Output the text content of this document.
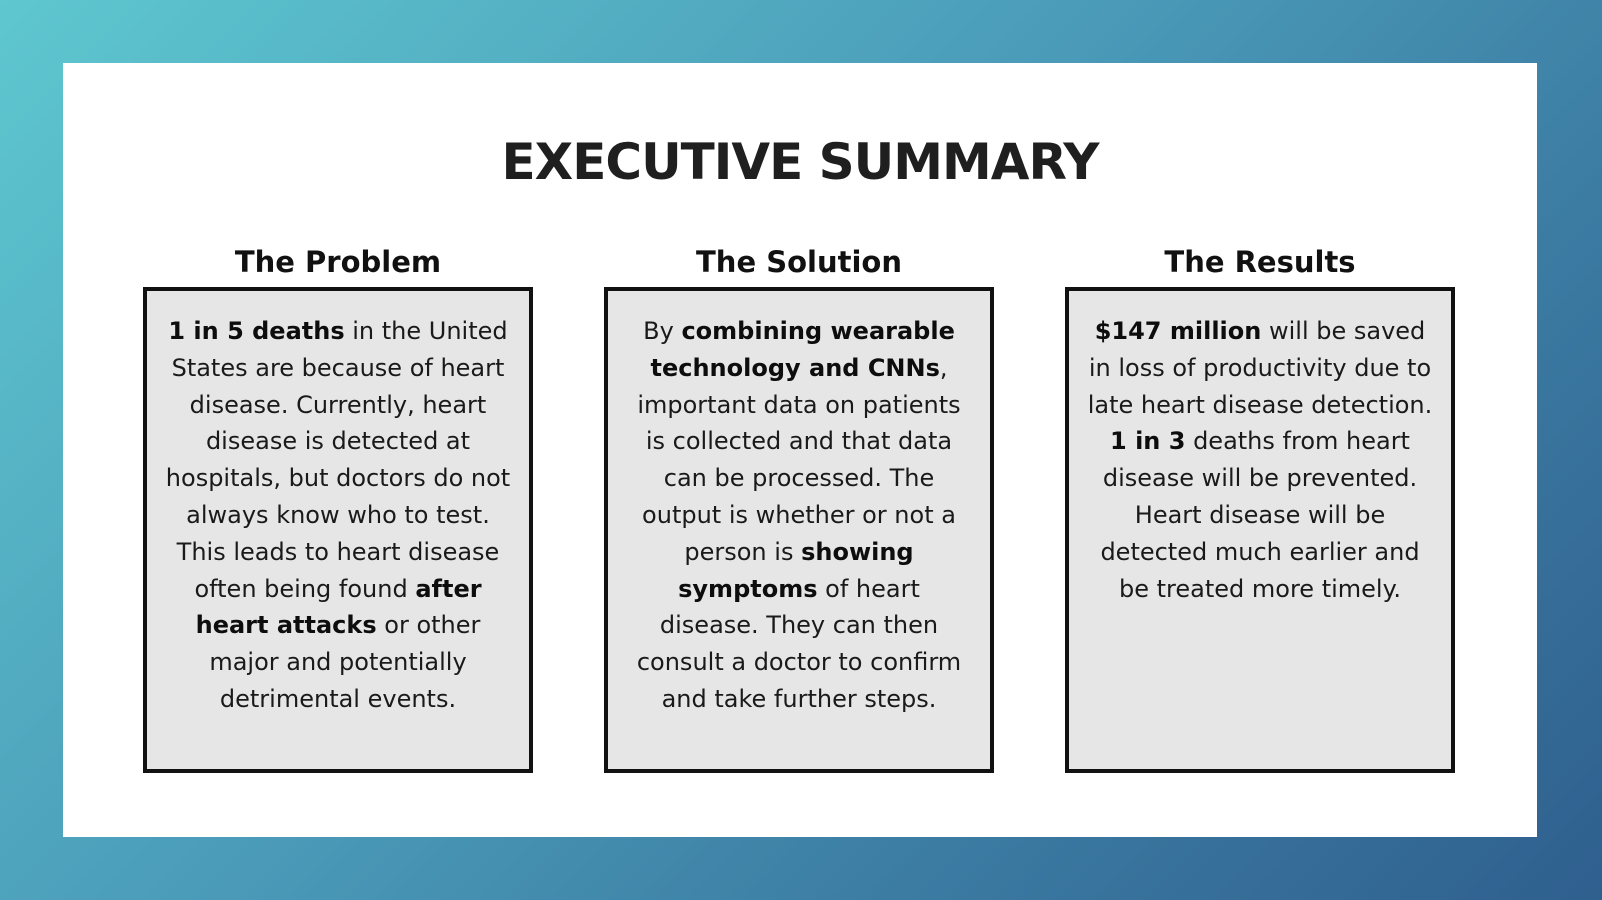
EXECUTIVE SUMMARY
The Problem

1 in 5 deaths in the United States are because of heart disease. Currently, heart disease is detected at hospitals, but doctors do not always know who to test. This leads to heart disease often being found after heart attacks or other major and potentially detrimental events.

The Solution

By combining wearable technology and CNNs, important data on patients is collected and that data can be processed. The output is whether or not a person is showing symptoms of heart disease. They can then consult a doctor to confirm and take further steps.

The Results

$147 million will be saved in loss of productivity due to late heart disease detection. 1 in 3 deaths from heart disease will be prevented. Heart disease will be detected much earlier and be treated more timely.
